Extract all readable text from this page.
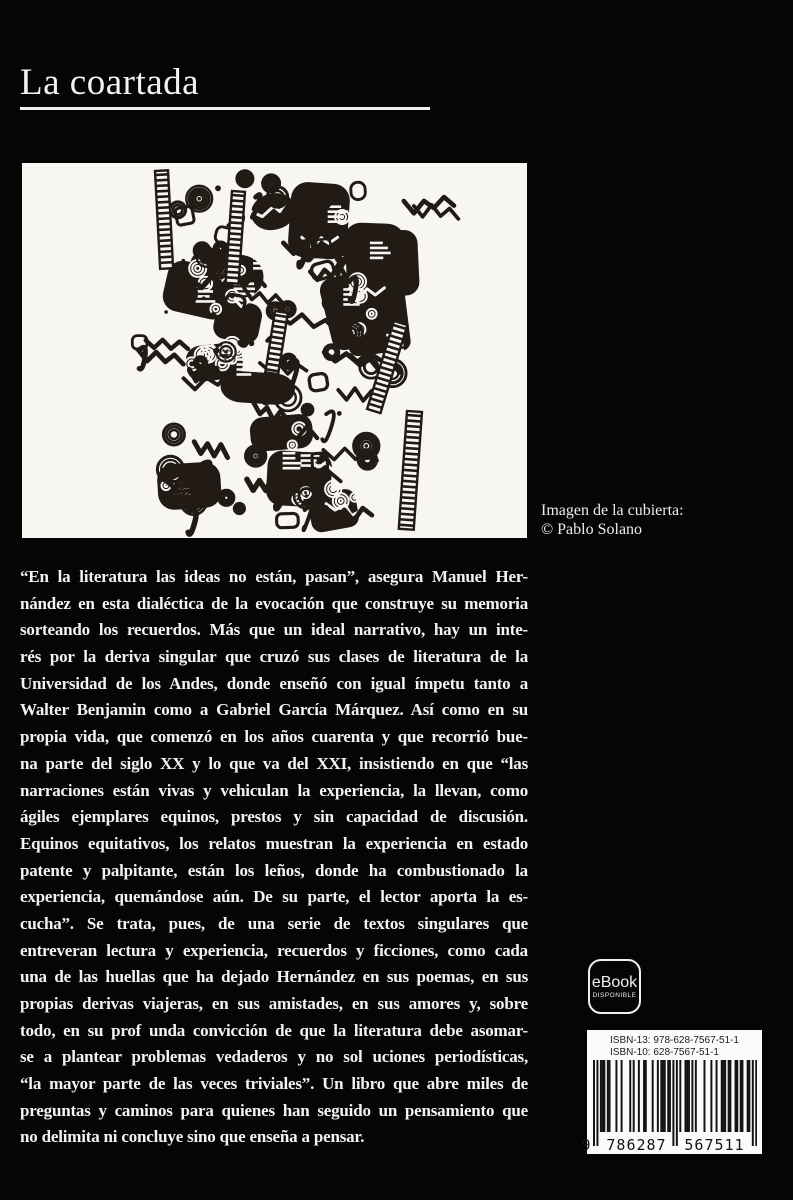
La coartada
Imagen de la cubierta:
© Pablo Solano
“En la literatura las ideas no están, pasan”, asegura Manuel Her-
nández en esta dialéctica de la evocación que construye su memoria
sorteando los recuerdos. Más que un ideal narrativo, hay un inte-
rés por la deriva singular que cruzó sus clases de literatura de la
Universidad de los Andes, donde enseñó con igual ímpetu tanto a
Walter Benjamin como a Gabriel García Márquez. Así como en su
propia vida, que comenzó en los años cuarenta y que recorrió bue-
na parte del siglo XX y lo que va del XXI, insistiendo en que “las
narraciones están vivas y vehiculan la experiencia, la llevan, como
ágiles ejemplares equinos, prestos y sin capacidad de discusión.
Equinos equitativos, los relatos muestran la experiencia en estado
patente y palpitante, están los leños, donde ha combustionado la
experiencia, quemándose aún. De su parte, el lector aporta la es-
cucha”. Se trata, pues, de una serie de textos singulares que
entreveran lectura y experiencia, recuerdos y ficciones, como cada
una de las huellas que ha dejado Hernández en sus poemas, en sus
propias derivas viajeras, en sus amistades, en sus amores y, sobre
todo, en su prof unda convicción de que la literatura debe asomar-
se a plantear problemas vedaderos y no sol uciones periodísticas,
“la mayor parte de las veces triviales”. Un libro que abre miles de
preguntas y caminos para quienes han seguido un pensamiento que
no delimita ni concluye sino que enseña a pensar.
eBook
DISPONIBLE
ISBN-13: 978-628-7567-51-1
ISBN-10: 628-7567-51-1
9	786287	567511
